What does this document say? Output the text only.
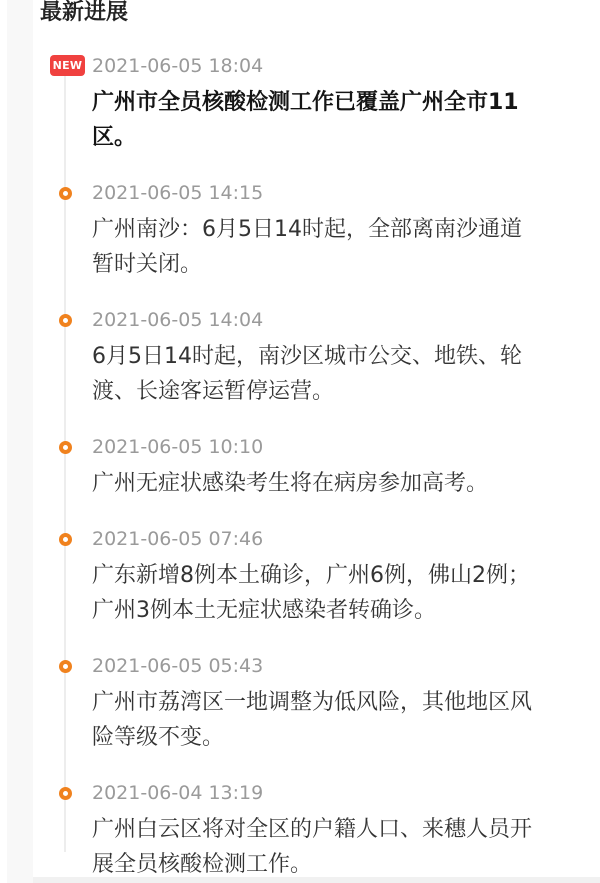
最新进展
NEW 2021-06-05 18:04
广州市全员核酸检测工作已覆盖广州全市11区。
2021-06-05 14:15
广州南沙：6月5日14时起，全部离南沙通道暂时关闭。
2021-06-05 14:04
6月5日14时起，南沙区城市公交、地铁、轮渡、长途客运暂停运营。
2021-06-05 10:10
广州无症状感染考生将在病房参加高考。
2021-06-05 07:46
广东新增8例本土确诊，广州6例，佛山2例；广州3例本土无症状感染者转确诊。
2021-06-05 05:43
广州市荔湾区一地调整为低风险，其他地区风险等级不变。
2021-06-04 13:19
广州白云区将对全区的户籍人口、来穗人员开展全员核酸检测工作。
